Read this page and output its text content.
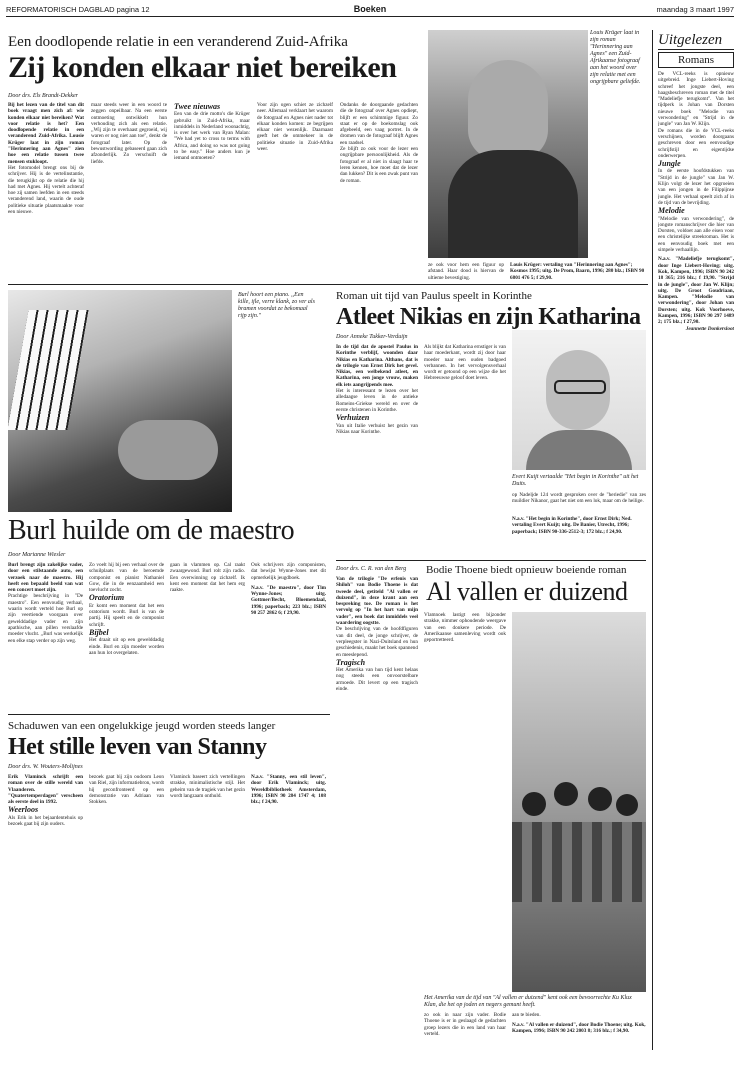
REFORMATORISCH DAGBLAD pagina 12	Boeken	maandag 3 maart 1997
Een doodlopende relatie in een veranderend Zuid-Afrika
Zij konden elkaar niet bereiken
Door drs. Els Brandt-Dekker
Bij het lezen van de titel van dit boek vraagt men zich af: wie konden elkaar niet bereiken? Wat voor relatie is het? Een doodlopende relatie in een veranderend Zuid-Afrika. Lousie Krüger laat in zijn roman "Herinnering aan Agnes" zien hoe een relatie tussen twee mensen stukloopt.
Het fotomodel brengt ons bij de schrijver. Hij is de vertelinstantie, die terugkijkt op de relatie die hij had met Agnes. Hij vertelt achteraf hoe zij samen leefden in een steeds veranderend land, waarin de oude politieke situatie plaatsmaakte voor een nieuwe.
maar steeds weer in een woord te zeggen onpeilbaar. Na een eerste ontmoeting ontwikkelt hun verhouding zich als een relatie. ,,Wij zijn te overhaast gegroeid, wij waren er nog niet aan toe'', denkt de fotograaf later. Op de bewustwording gebaseerd gaan zich afzonderlijk. Zo verschuift de liefde.
Twee nieuwas
Een van de drie motto's die Krüger gebruikt in Zuid-Afrika, maar inmiddels in Nederland woonachtig, is over het werk van Ryan Malan: "We had yet to cross to terms with Africa, and doing so was not going to be easy." Hoe anders kun je iemand ontmoeten?
Voor zijn ogen schiet ze zichzelf neer. Allemaal verklaart het waarom de fotograaf en Agnes niet nader tot elkaar konden komen: ze begrijpen elkaar niet wezenlijk. Daarnaast geeft het de ommekeer in de politieke situatie in Zuid-Afrika weer.
Ondanks de doorgaande gedachten die de fotograaf over Agnes opdiept, blijft er een schimmige figuur. Zo staat er op de boekomslag ook afgebeeld, een vaag portret. In de dromen van de fotograaf blijft Agnes een raadsel.
Ze blijft zo ook voor de lezer een ongrijpbare persoonlijkheid. Als de fotograaf er al niet in slaagt haar te leren kennen, hoe moet dat de lezer dan lukken? Dit is een zwak punt van de roman.
ze ook voor hem een figuur op afstand. Haar dood is hiervan de ultieme bevestiging.
Louis Krüger laat in zijn roman "Herinnering aan Agnes" een Zuid-Afrikaanse fotograaf aan het woord over zijn relatie met een ongrijpbare geliefde.
Louis Krüger: vertaling van "Herinnering aan Agnes"; Kosmos 1995; uitg. De Prom, Baarn, 1996; 280 blz.; ISBN 90 6801 476 5; f 29,90.
Burl hoort een piano. ,,Een kille, ijle, verre klank, zo ver als bramen voordat ze bekomaal rijp zijn.''
Burl huilde om de maestro
Door Marianne Wiesler
Burl brengt zijn zakelijke vader, door een stilstaande auto, een verzoek naar de maestro. Hij heeft een bepaald beeld van wat een concert moet zijn.
Prachtige beschrijving in "De maestro". Een eenvoudig verhaal, waarin wordt verteld hoe Burl op zijn veertiende voorgaan over gewelddadige vader en zijn apathische, aan pillen verslaafde moeder vlucht. ,,Burl was werkelijk een elke stap verder op zijn weg.
Zo voelt hij bij een verhaal over de schuilplaats van de beroemde componist en pianist Nathaniel Gow, die in de eenzaamheid een toevlucht zocht.
Oratorium
Er komt een moment dat het een oratorium wordt. Burl is van de partij. Hij speelt en de componist schrijft.
Bijbel
Het draait uit op een gewelddadig einde. Burl en zijn moeder worden aan hun lot overgelaten.
gaan in vlammen op. Cal raakt zwaargewond. Burl rolt zijn radio. Een overwinning op zichzelf. Ik kent een moment dat het hem erg raakte.
Ook schrijvers zijn componisten, dat bewijst Wynne-Jones met dit opmerkelijk jeugdboek.
N.a.v. "De maestro", door Tim Wynne-Jones; uitg. Gottmer/Becht, Bloemendaal, 1996; paperback; 223 blz.; ISBN 90 257 2862 6; f 29,90.
Roman uit tijd van Paulus speelt in Korinthe
Atleet Nikias en zijn Katharina
Door Anneke Tukker-Verduijn
In de tijd dat de apostel Paulus in Korinthe verblijf, woonden daar Nikias en Katharina. Althans, dat is de trilogie van Ernst Dirk het gevel. Nikias, een welbekend atleet, en Katharina, een jonge vrouw, maken elk iets aangrijpends mee.
Het is interessant te lezen over het alledaagse leven in de antieke Romeins-Griekse wereld en over de eerste christenen in Korinthe.
Verhuizen
Van uit Italie verhuist het gezin van Nikias naar Korinthe.
Als blijkt dat Katharina ernstiger is van haar moederkant, wordt zij door haar moeder naar een ouden badgoed verbannen. In het vervolgensverhaal wordt er getoond op een wijze die het Hebreeuwse geloof doet leven.
Evert Kuijt vertaalde "Het begin in Korinthe" uit het Duits.
op Nadeljde 124 wordt gesproken over de "heriedie" van zes muildier Nikanor, gaat het niet om een lok, maar om de heilige.
N.a.v. "Het begin in Korinthe", door Ernst Dirk; Ned. vertaling Evert Kuijt; uitg. De Banier, Utrecht, 1996; paperback; ISBN 90-336-2512-3; 172 blz.; f 24,90.
Bodie Thoene biedt opnieuw boeiende roman
Al vallen er duizend
Door drs. C. R. van den Berg
Van de trilogie "De erfenis van Shiloh" van Bodie Thoene is dat tweede deel, getiteld "Al vallen er duizend", in deze krant aan een bespreking toe. De roman is het vervolg op "In het hart van mijn vader", een boek dat inmiddels veel waardering oogstte.
De beschrijving van de hoofdfiguren van dit deel, de jonge schrijver, de verpleegster in Nazi-Duitsland en hun geschiedenis, maakt het boek spannend en meeslepend.
Tragisch
Het Amerika van hun tijd kent helaas nog steeds een onvoorstelbare armoede. Dit levert op een tragisch einde.
Vlamnoek lastigt een bijzonder strakke, nimmer ophoudende weergave van een donkere periode. De Amerikaanse samenleving wordt ook geportretteerd.
Het Amerika van de tijd van "Al vallen er duizend" kent ook een bevoorrechte Ku Klux Klan, die het op joden en negers gemunt heeft.
zo ook in naar zijn vader. Bodie Thoene is er in geslaagd de gedachten groep lezers die in een land van haar verteld.
aan te bieden.
N.a.v. "Al vallen er duizend", door Bodie Thoene; uitg. Kok, Kampen, 1996; ISBN 90 242 2003 8; 316 blz.; f 34,90.
Schaduwen van een ongelukkige jeugd worden steeds langer
Het stille leven van Stanny
Door drs. W. Wouters-Molijnes
Erik Vlaminck schrijft een roman over de stille wereld van Vlaanderen. "Quatertemperdagen" verscheen als eerste deel in 1992.
Weerloos
Als Erik in het bejaardentehuis op bezoek gaat bij zijn ouders.
bezoek gaat bij zijn oudoom Leon van Riel, zijn informatiebron, wordt hij geconfronteerd op een demonstratie van Adriaan van Stokken.
Vlaminck baseert zich vertellingen strakke, minimalistische stijl. Het geheim van de tragiek van het gezin wordt langzaam onthuld.
N.a.v. "Stanny, een stil leven", door Erik Vlaminck; uitg. Wereldbibliotheek Amsterdam, 1996; ISBN 90 284 1747 4; 108 blz.; f 24,90.
Uitgelezen
Romans
De VCL-reeks is opnieuw uitgebreid. Inge Liebert-Hoving schreef het jongste deel, een haagsbeschreven roman met de titel "Madeliefje terugkomt". Van het tijdperk is Johan van Dorsten nieuwe boek "Melodie van verwondering" en "Strijd in de jungle" van Jan W. Klijn.
De romans die in de VCL-reeks verschijnen, worden doorgaans geschreven door een eenvoudige schrijfstijl en eigentijdse onderwerpen.
Jungle
In de eerste hoofdstukken van "Strijd in de jungle" van Jan W. Klijn volgt de lezer het opgroeien van een jongen in de Filippijnse jungle. Het verhaal speelt zich af in de tijd van de bevrijding.
Melodie
"Melodie van verwondering", de jongste romanschrijver die hier van Dorsten, voldoet aan alle eisen voor een christelijke streekroman. Het is een eenvoudig boek met een simpele verhaallijn.
N.a.v. "Madeliefje terugkomt", door Inge Liebert-Hoving; uitg. Kok, Kampen, 1996; ISBN 90 242 18 365; 216 blz.; f 19,90. "Strijd in de jungle", door Jan W. Klijn; uitg. De Groot Goudriaan, Kampen. "Melodie van verwondering", door Johan van Dorsten; uitg. Kok Voorhoeve, Kampen, 1996; ISBN 90 297 1489 2; 175 blz.; f 27,90.
Jeannette Donkersloot
